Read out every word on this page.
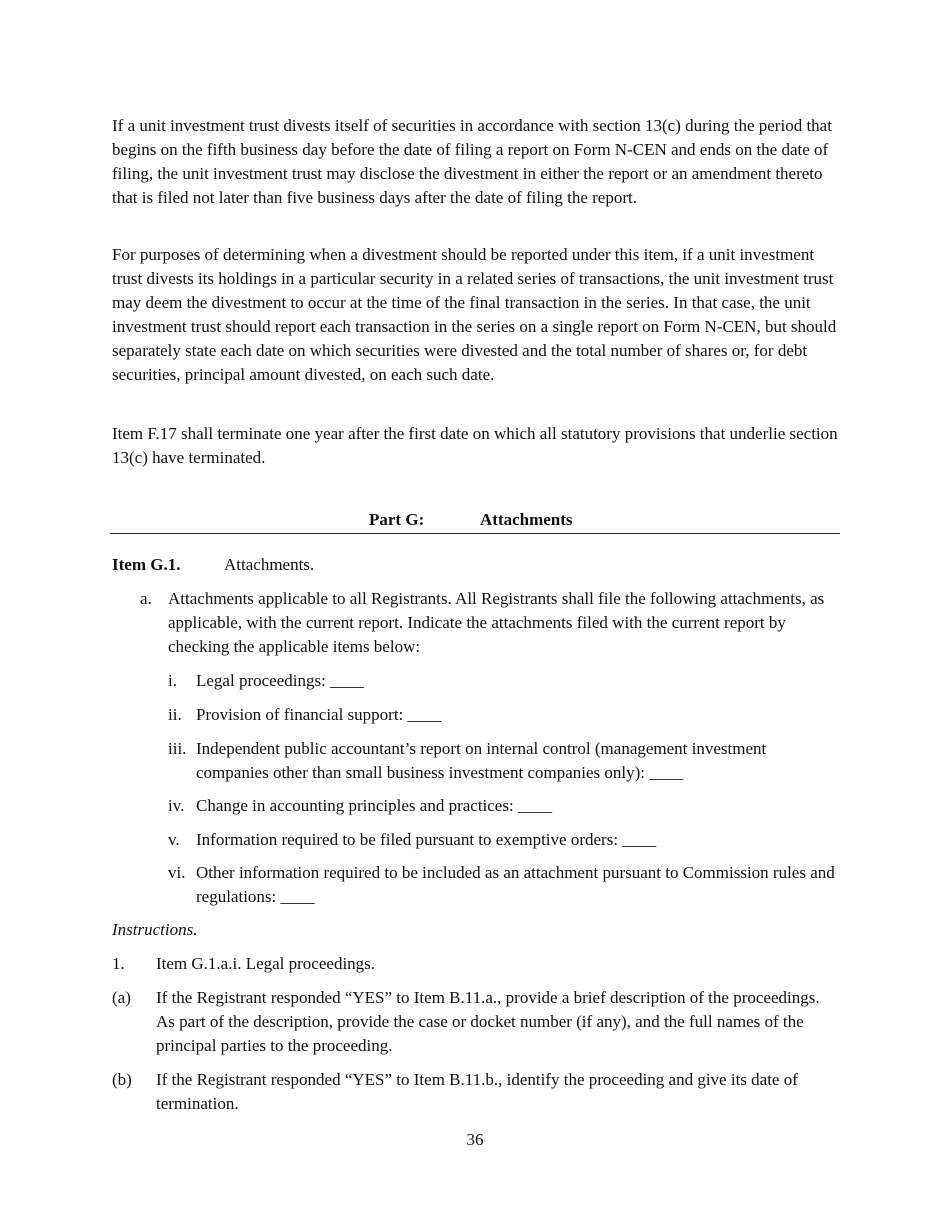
If a unit investment trust divests itself of securities in accordance with section 13(c) during the period that begins on the fifth business day before the date of filing a report on Form N-CEN and ends on the date of filing, the unit investment trust may disclose the divestment in either the report or an amendment thereto that is filed not later than five business days after the date of filing the report.

For purposes of determining when a divestment should be reported under this item, if a unit investment trust divests its holdings in a particular security in a related series of transactions, the unit investment trust may deem the divestment to occur at the time of the final transaction in the series. In that case, the unit investment trust should report each transaction in the series on a single report on Form N-CEN, but should separately state each date on which securities were divested and the total number of shares or, for debt securities, principal amount divested, on each such date.

Item F.17 shall terminate one year after the first date on which all statutory provisions that underlie section 13(c) have terminated.

Part G:	Attachments
Item G.1.	Attachments.
a. Attachments applicable to all Registrants. All Registrants shall file the following attachments, as applicable, with the current report. Indicate the attachments filed with the current report by checking the applicable items below:
i. Legal proceedings: ____
ii. Provision of financial support: ____
iii. Independent public accountant’s report on internal control (management investment companies other than small business investment companies only): ____
iv. Change in accounting principles and practices: ____
v. Information required to be filed pursuant to exemptive orders: ____
vi. Other information required to be included as an attachment pursuant to Commission rules and regulations: ____
Instructions.
1. Item G.1.a.i. Legal proceedings.
(a) If the Registrant responded “YES” to Item B.11.a., provide a brief description of the proceedings. As part of the description, provide the case or docket number (if any), and the full names of the principal parties to the proceeding.
(b) If the Registrant responded “YES” to Item B.11.b., identify the proceeding and give its date of termination.
36
